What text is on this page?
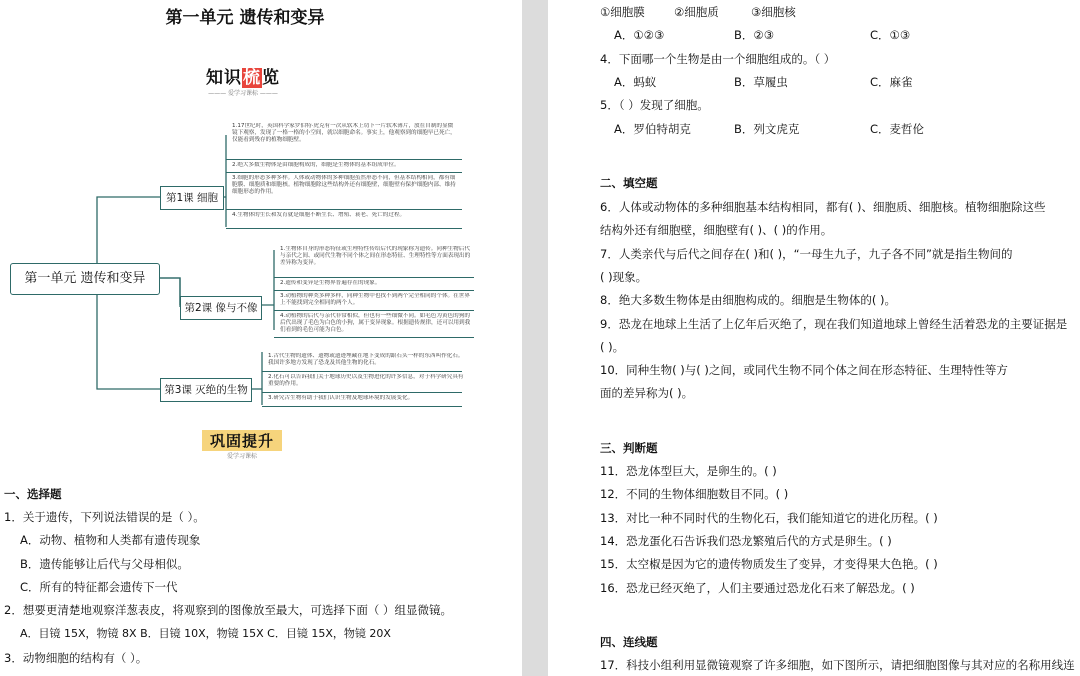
第一单元 遗传和变异
知识梳览
——— 爱学习课标 ———
第一单元 遗传和变异
第1课 细胞
1.17世纪时，英国科学家罗伯特·虎克有一次从软木上切下一片软木薄片，放在自制的显微镜下观察，发现了一格一格的小空间，就以细胞命名。事实上，他观察到的细胞早已死亡，仅能看到残存的植物细胞壁。
2.绝大多数生物体是由细胞构成的，细胞是生物体的基本组成单位。
3.细胞的形态多种多样。人体或动物体的多种细胞虽然形态不同，但基本结构相同，都有细胞膜、细胞质和细胞核。植物细胞除这些结构外还有细胞壁，细胞壁有保护细胞内部、维持细胞形态的作用。
4.生物体的生长和发育就是细胞不断生长、增殖、衰老、死亡的过程。
第2课 像与不像
1.生物体自身的形态特征或生理特性传给后代的现象称为遗传。同种生物后代与亲代之间、或同代生物不同个体之间在形态特征、生理特性等方面表现出的差异称为变异。
2.遗传和变异是生物界普遍存在的现象。
3.动植物的种类多种多样，同种生物中也找不到两个完全相同的个体。在世界上不能找到完全相同的两个人。
4.动植物的后代与亲代非常相似，但也有一些细微不同。如毛色为黄色的狗的后代出现了毛色为白色的小狗，属于变异现象。根据遗传规律，还可以用到我们看到的毛色可能为白色。
第3课 灭绝的生物
1.古代生物的遗体、遗物或遗迹埋藏在地下变成的跟石头一样的东西叫作化石。我国许多地方发现了恐龙及其他生物的化石。
2.化石可以告诉我们关于地球历史以及生物进化的许多信息，对于科学研究具有重要的作用。
3.研究古生物有助于我们认识生物及地球环境的发展变化。
巩固提升
爱学习课标
一、选择题
1．关于遗传，下列说法错误的是（ ）。
A．动物、植物和人类都有遗传现象
B．遗传能够让后代与父母相似。
C．所有的特征都会遗传下一代
2．想要更清楚地观察洋葱表皮，将观察到的图像放至最大，可选择下面（ ）组显微镜。
A．目镜 15X，物镜 8X B．目镜 10X，物镜 15X C．目镜 15X，物镜 20X
3．动物细胞的结构有（ ）。
①细胞膜	②细胞质	③细胞核
A．①②③	B．②③	C．①③
4．下面哪一个生物是由一个细胞组成的。（ ）
A．蚂蚁	B．草履虫	C．麻雀
5．（ ）发现了细胞。
A．罗伯特胡克	B．列文虎克	C．麦哲伦
二、填空题
6．人体或动物体的多种细胞基本结构相同，都有( )、细胞质、细胞核。植物细胞除这些
结构外还有细胞壁，细胞壁有( )、( )的作用。
7．人类亲代与后代之间存在( )和( )，“一母生九子，九子各不同”就是指生物间的
( )现象。
8．绝大多数生物体是由细胞构成的。细胞是生物体的( )。
9．恐龙在地球上生活了上亿年后灭绝了，现在我们知道地球上曾经生活着恐龙的主要证据是
( )。
10．同种生物( )与( )之间，或同代生物不同个体之间在形态特征、生理特性等方
面的差异称为( )。
三、判断题
11．恐龙体型巨大，是卵生的。( )
12．不同的生物体细胞数目不同。( )
13．对比一种不同时代的生物化石，我们能知道它的进化历程。( )
14．恐龙蛋化石告诉我们恐龙繁殖后代的方式是卵生。( )
15．太空椒是因为它的遗传物质发生了变异，才变得果大色艳。( )
16．恐龙已经灭绝了，人们主要通过恐龙化石来了解恐龙。( )
四、连线题
17．科技小组利用显微镜观察了许多细胞，如下图所示，请把细胞图像与其对应的名称用线连
